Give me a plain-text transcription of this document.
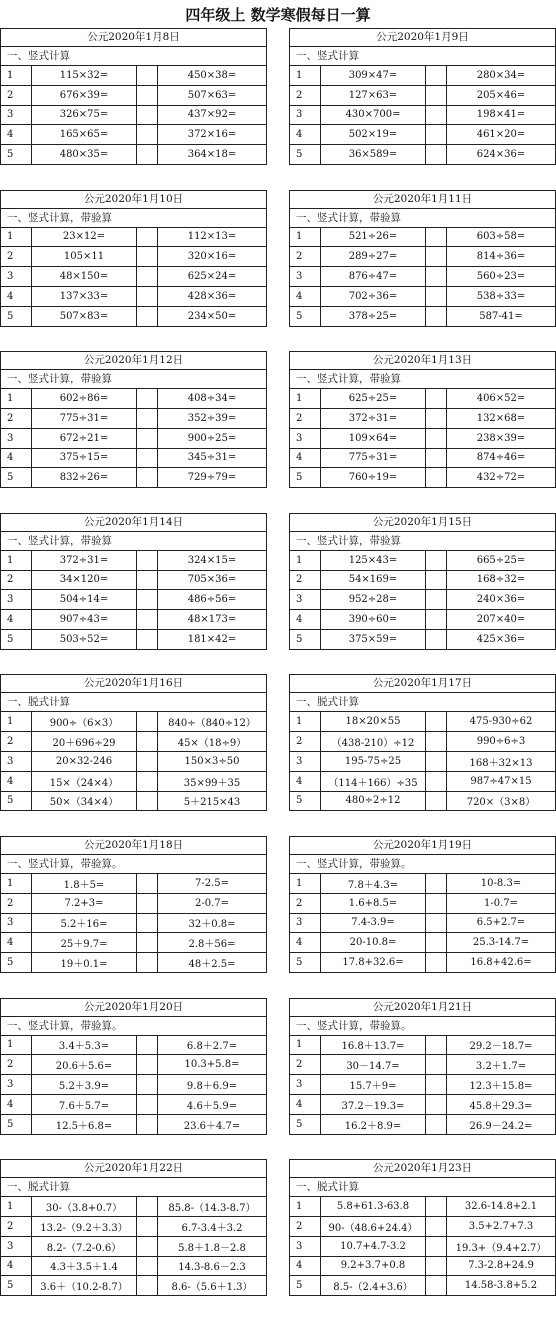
四年级上 数学寒假每日一算
公元2020年1月8日
一、竖式计算
1	115×32=		450×38=
2	676×39=		507×63=
3	326×75=		437×92=
4	165×65=		372×16=
5	480×35=		364×18=
公元2020年1月9日
一、竖式计算
1	309×47=		280×34=
2	127×63=		205×46=
3	430×700=		198×41=
4	502×19=		461×20=
5	36×589=		624×36=
公元2020年1月10日
一、竖式计算，带验算
1	23×12=		112×13=
2	105×11		320×16=
3	48×150=		625×24=
4	137×33=		428×36=
5	507×83=		234×50=
公元2020年1月11日
一、竖式计算，带验算
1	521÷26=		603÷58=
2	289÷27=		814÷36=
3	876÷47=		560÷23=
4	702÷36=		538÷33=
5	378÷25=		587-41=
公元2020年1月12日
一、竖式计算，带验算
1	602÷86=		408÷34=
2	775÷31=		352÷39=
3	672÷21=		900÷25=
4	375÷15=		345÷31=
5	832÷26=		729÷79=
公元2020年1月13日
一、竖式计算，带验算
1	625÷25=		406×52=
2	372÷31=		132×68=
3	109×64=		238×39=
4	775÷31=		874÷46=
5	760÷19=		432÷72=
公元2020年1月14日
一、竖式计算，带验算
1	372÷31=		324×15=
2	34×120=		705×36=
3	504÷14=		486÷56=
4	907÷43=		48×173=
5	503÷52=		181×42=
公元2020年1月15日
一、竖式计算，带验算
1	125×43=		665÷25=
2	54×169=		168÷32=
3	952÷28=		240×36=
4	390÷60=		207×40=
5	375×59=		425×36=
公元2020年1月16日
一、脱式计算
1	900÷（6×3）		840÷（840÷12）
2	20＋696÷29		45×（18÷9）
3	20×32-246		150×3÷50
4	15×（24×4）		35×99＋35
5	50×（34×4）		5＋215×43
公元2020年1月17日
一、脱式计算
1	18×20×55		475-930÷62
2	（438-210）÷12		990÷6÷3
3	195-75÷25		168＋32×13
4	（114＋166）÷35		987÷47×15
5	480÷2÷12		720×（3×8）
公元2020年1月18日
一、竖式计算，带验算。
1	1.8＋5=		7-2.5=
2	7.2+3=		2-0.7=
3	5.2＋16=		32＋0.8=
4	25＋9.7=		2.8＋56=
5	19＋0.1=		48＋2.5=
公元2020年1月19日
一、竖式计算，带验算。
1	7.8＋4.3=		10-8.3=
2	1.6+8.5=		1-0.7=
3	7.4-3.9=		6.5+2.7=
4	20-10.8=		25.3-14.7=
5	17.8+32.6=		16.8+42.6=
公元2020年1月20日
一、竖式计算，带验算。
1	3.4＋5.3=		6.8＋2.7=
2	20.6＋5.6=		10.3+5.8=
3	5.2＋3.9=		9.8＋6.9=
4	7.6＋5.7=		4.6＋5.9=
5	12.5＋6.8=		23.6＋4.7=
公元2020年1月21日
一、竖式计算，带验算。
1	16.8＋13.7=		29.2－18.7=
2	30－14.7=		3.2＋1.7=
3	15.7＋9=		12.3＋15.8=
4	37.2－19.3=		45.8＋29.3=
5	16.2＋8.9=		26.9－24.2=
公元2020年1月22日
一、脱式计算
1	30-（3.8+0.7）		85.8-（14.3-8.7）
2	13.2-（9.2＋3.3）		6.7-3.4＋3.2
3	8.2-（7.2-0.6）		5.8＋1.8－2.8
4	4.3＋3.5＋1.4		14.3-8.6－2.3
5	3.6＋（10.2-8.7）		8.6-（5.6＋1.3）
公元2020年1月23日
一、脱式计算
1	5.8+61.3-63.8		32.6-14.8+2.1
2	90-（48.6+24.4）		3.5+2.7+7.3
3	10.7+4.7-3.2		19.3+（9.4+2.7）
4	9.2+3.7+0.8		7.3-2.8+24.9
5	8.5-（2.4+3.6）		14.58-3.8+5.2
